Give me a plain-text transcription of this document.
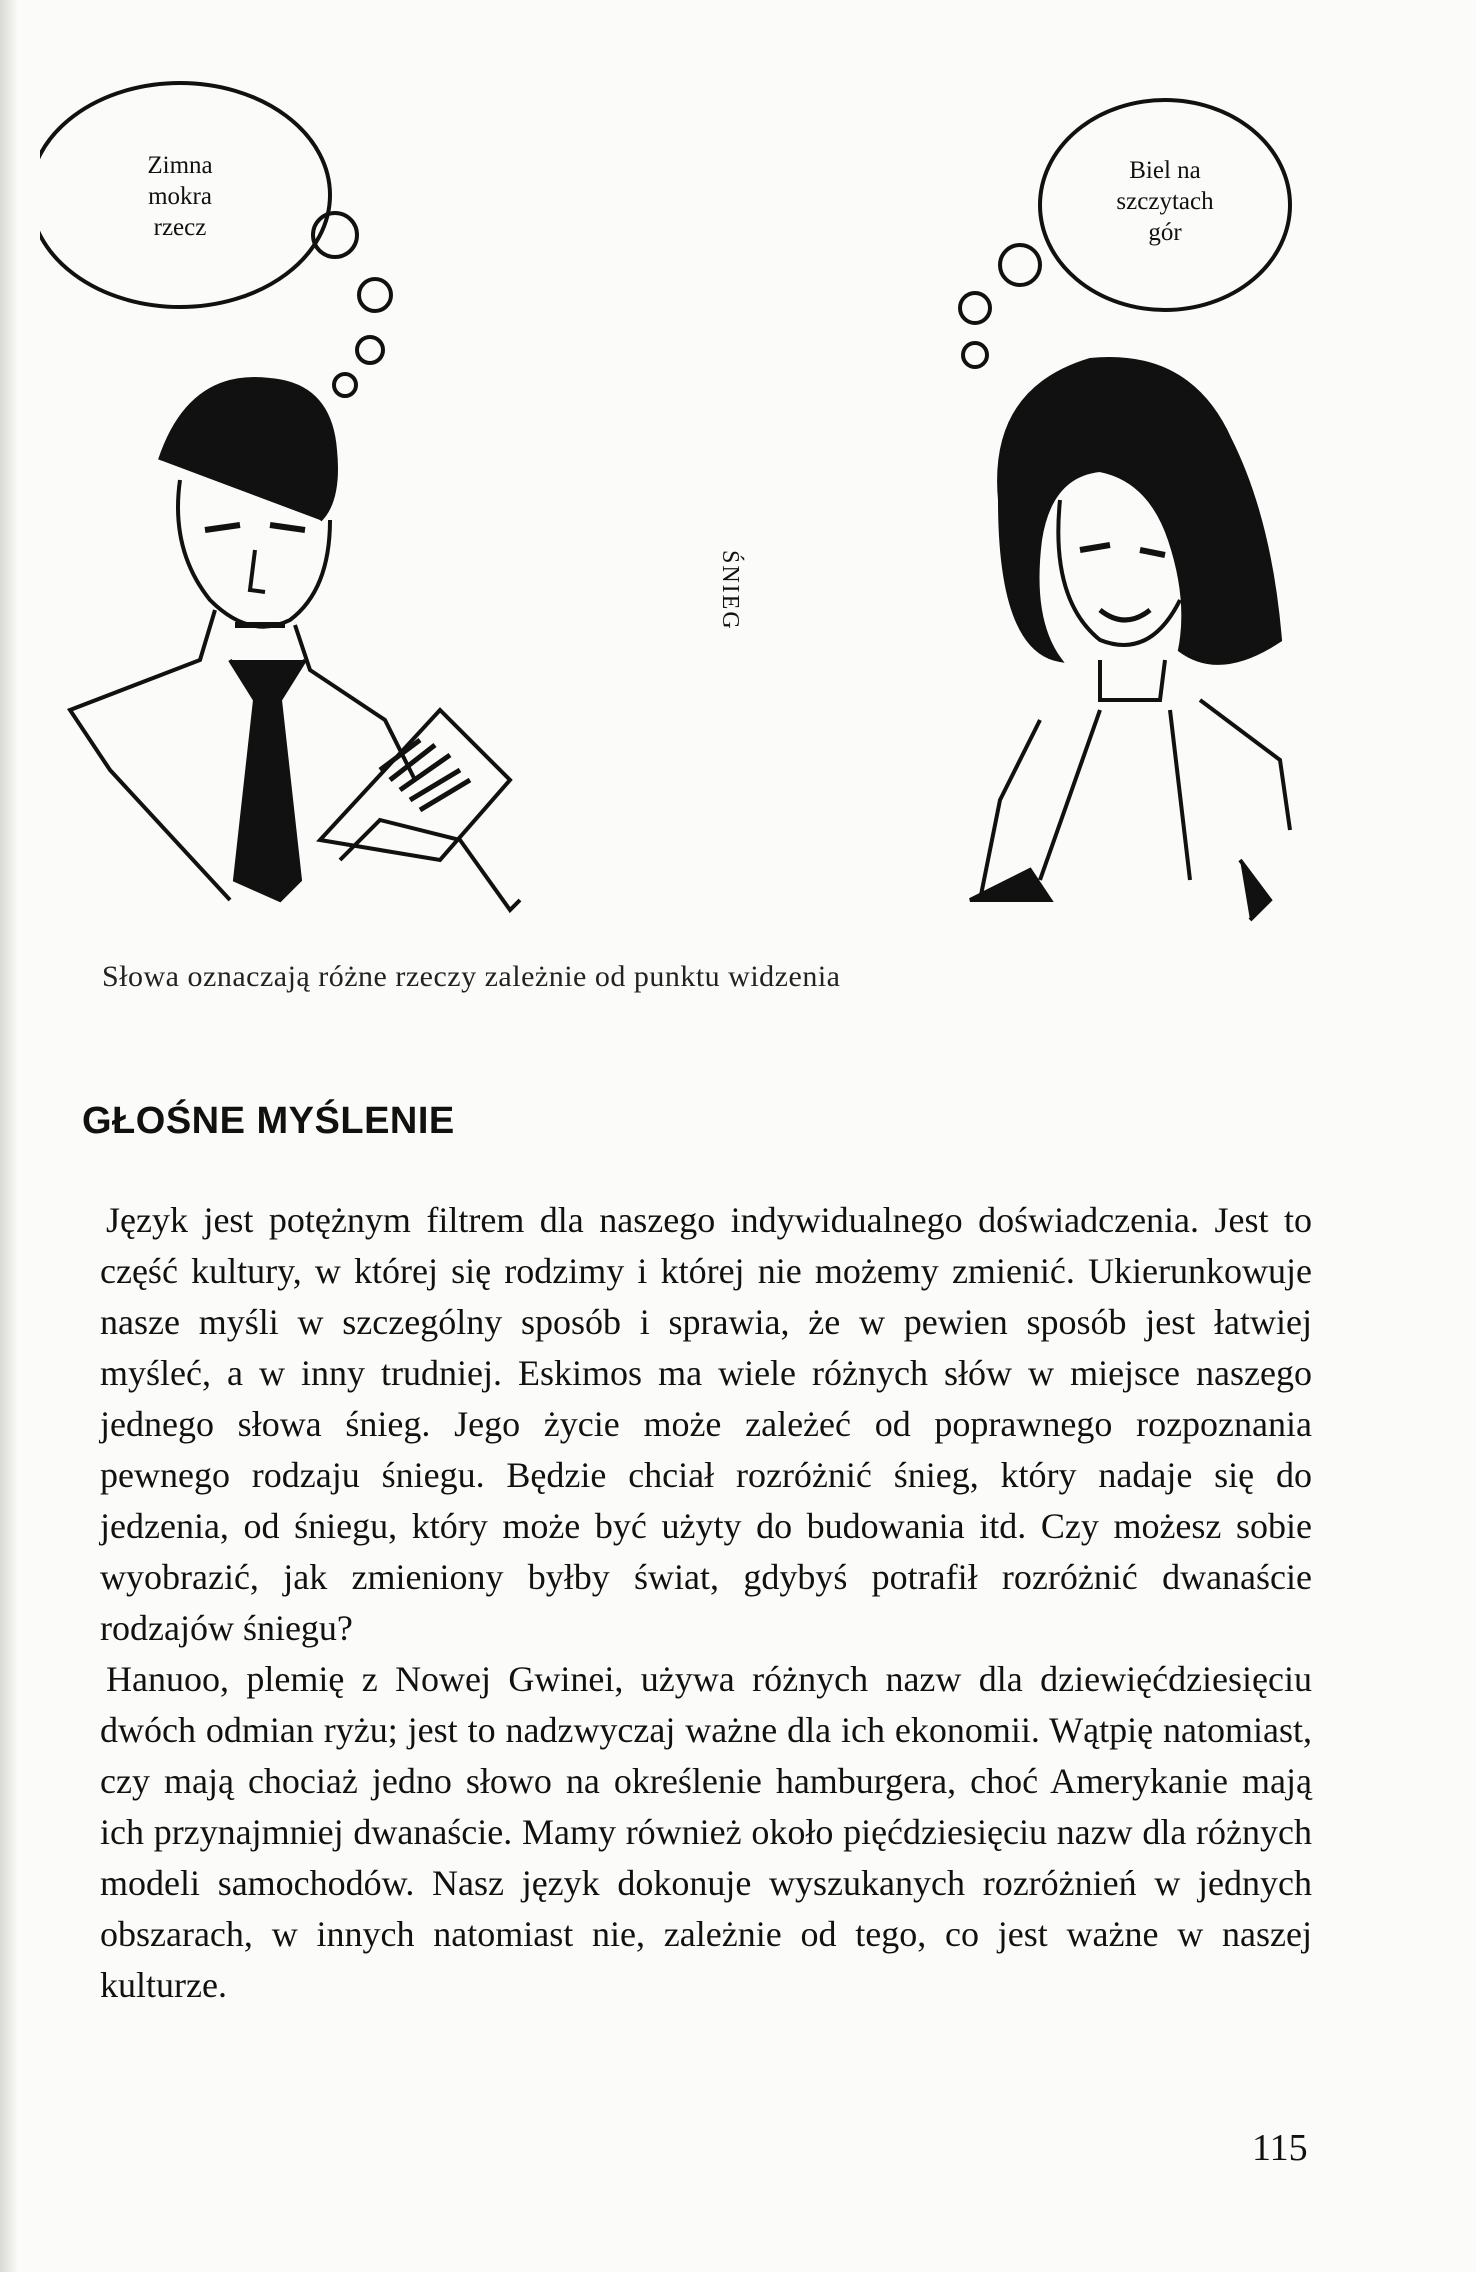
Zimna
mokra
rzecz
Biel na
szczytach
gór
ŚNIEG
Słowa oznaczają różne rzeczy zależnie od punktu widzenia
GŁOŚNE MYŚLENIE

Język jest potężnym filtrem dla naszego indywidualnego doświadczenia. Jest to część kultury, w której się rodzimy i której nie możemy zmienić. Ukierunkowuje nasze myśli w szczególny sposób i sprawia, że w pewien sposób jest łatwiej myśleć, a w inny trudniej. Eskimos ma wiele różnych słów w miejsce naszego jednego słowa śnieg. Jego życie może zależeć od poprawnego rozpoznania pewnego rodzaju śniegu. Będzie chciał rozróżnić śnieg, który nadaje się do jedzenia, od śniegu, który może być użyty do budowania itd. Czy możesz sobie wyobrazić, jak zmieniony byłby świat, gdybyś potrafił rozróżnić dwanaście rodzajów śniegu?

Hanuoo, plemię z Nowej Gwinei, używa różnych nazw dla dziewięćdziesięciu dwóch odmian ryżu; jest to nadzwyczaj ważne dla ich ekonomii. Wątpię natomiast, czy mają chociaż jedno słowo na określenie hamburgera, choć Amerykanie mają ich przynajmniej dwanaście. Mamy również około pięćdziesięciu nazw dla różnych modeli samochodów. Nasz język dokonuje wyszukanych rozróżnień w jednych obszarach, w innych natomiast nie, zależnie od tego, co jest ważne w naszej kulturze.

115
